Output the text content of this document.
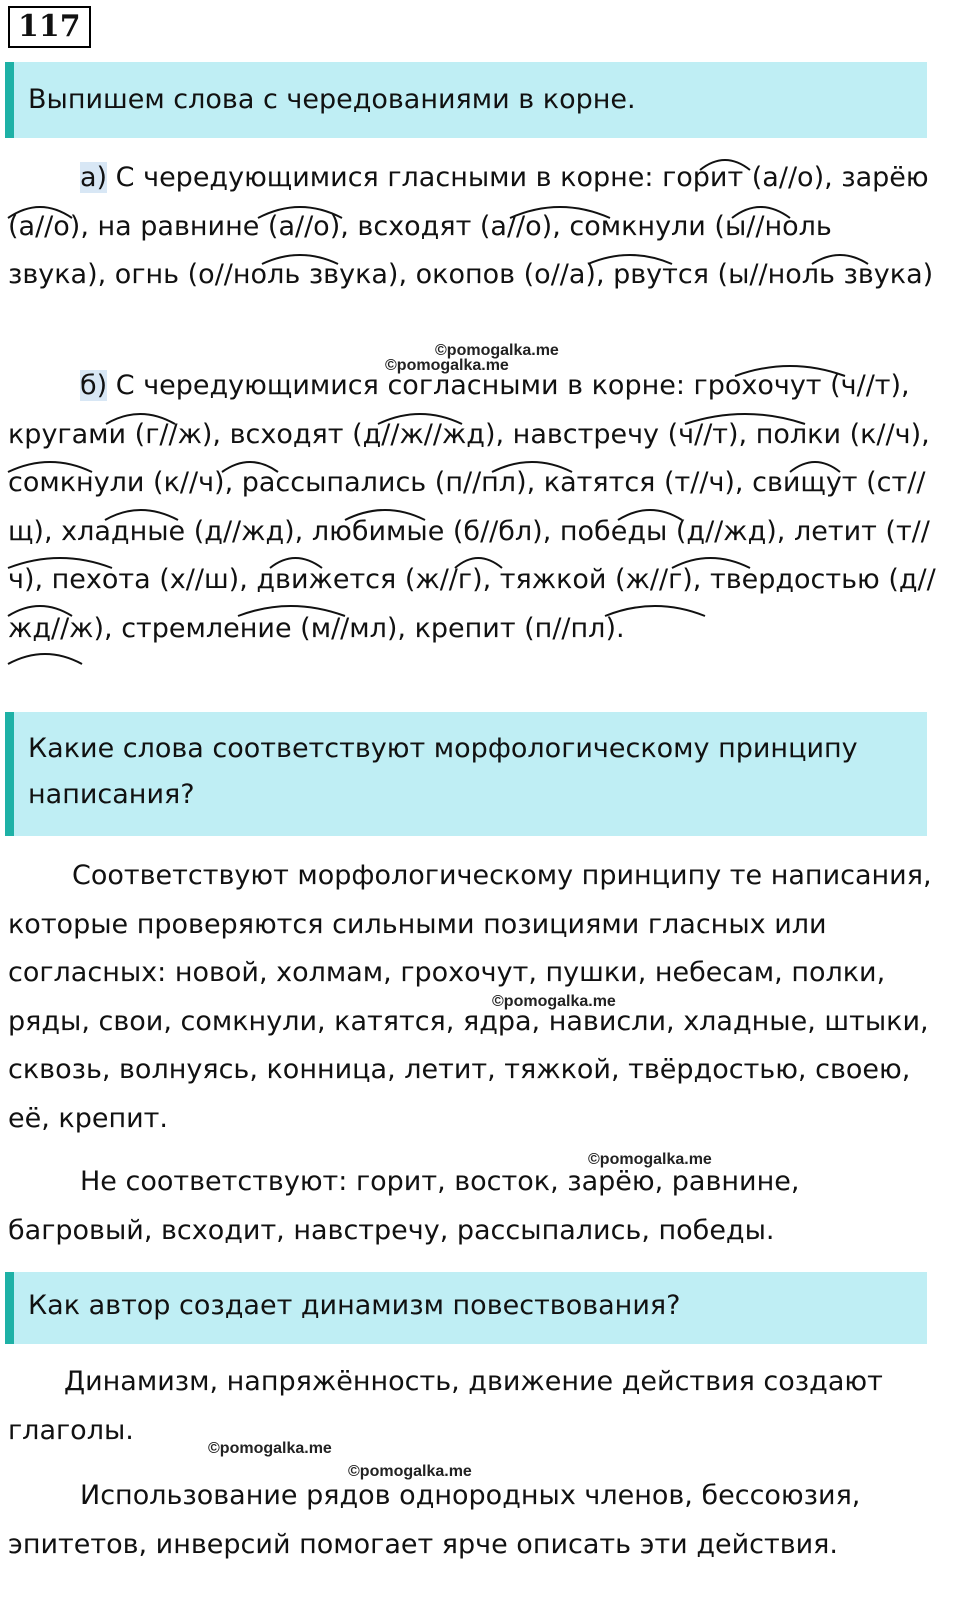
117
Выпишем слова с чередованиями в корне.
а) С чередующимися гласными в корне: горит (а//о), зарёю (а//о), на равнине (а//о), всходят (а//о), сомкнули (ы//ноль звука), огнь (о//ноль звука), окопов (о//а), рвутся (ы//ноль звука)
б) С чередующимися согласными в корне: грохочут (ч//т), кругами (г//ж), всходят (д//ж//жд), навстречу (ч//т), полки (к//ч), сомкнули (к//ч), рассыпались (п//пл), катятся (т//ч), свищут (ст//щ), хладные (д//жд), любимые (б//бл), победы (д//жд), летит (т//ч), пехота (х//ш), движется (ж//г), тяжкой (ж//г), твердостью (д//жд//ж), стремление (м//мл), крепит (п//пл).
Какие слова соответствуют морфологическому принципу написания?
Соответствуют морфологическому принципу те написания, которые проверяются сильными позициями гласных или согласных: новой, холмам, грохочут, пушки, небесам, полки, ряды, свои, сомкнули, катятся, ядра, нависли, хладные, штыки, сквозь, волнуясь, конница, летит, тяжкой, твёрдостью, своею, её, крепит.
Не соответствуют: горит, восток, зарёю, равнине, багровый, всходит, навстречу, рассыпались, победы.
Как автор создает динамизм повествования?
Динамизм, напряжённость, движение действия создают глаголы.
Использование рядов однородных членов, бессоюзия, эпитетов, инверсий помогает ярче описать эти действия.
©pomogalka.me
©pomogalka.me
©pomogalka.me
©pomogalka.me
©pomogalka.me
©pomogalka.me
